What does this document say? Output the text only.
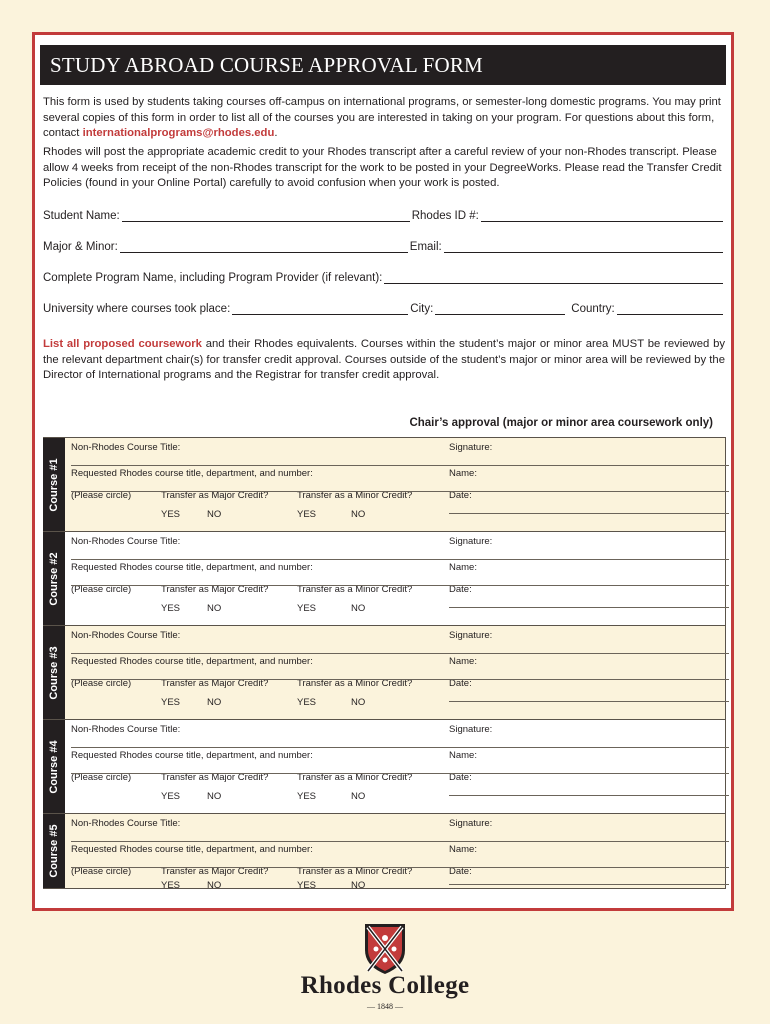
STUDY ABROAD COURSE APPROVAL FORM
This form is used by students taking courses off-campus on international programs, or semester-long domestic programs. You may print several copies of this form in order to list all of the courses you are interested in taking on your program. For questions about this form, contact internationalprograms@rhodes.edu.
Rhodes will post the appropriate academic credit to your Rhodes transcript after a careful review of your non-Rhodes transcript. Please allow 4 weeks from receipt of the non-Rhodes transcript for the work to be posted in your DegreeWorks. Please read the Transfer Credit Policies (found in your Online Portal) carefully to avoid confusion when your work is posted.
Student Name:	Rhodes ID #:
Major & Minor:	Email:
Complete Program Name, including Program Provider (if relevant):
University where courses took place:	City:	Country:
List all proposed coursework and their Rhodes equivalents. Courses within the student’s major or minor area MUST be reviewed by the relevant department chair(s) for transfer credit approval. Courses outside of the student’s major or minor area will be reviewed by the Director of International programs and the Registrar for transfer credit approval.
Chair’s approval (major or minor area coursework only)
Course #1
Non-Rhodes Course Title:
Requested Rhodes course title, department, and number:
(Please circle)	Transfer as Major Credit?	Transfer as a Minor Credit?
YES	NO	YES	NO
Signature:
Name:
Date:
Course #2
Non-Rhodes Course Title:
Requested Rhodes course title, department, and number:
(Please circle)	Transfer as Major Credit?	Transfer as a Minor Credit?
YES	NO	YES	NO
Signature:
Name:
Date:
Course #3
Non-Rhodes Course Title:
Requested Rhodes course title, department, and number:
(Please circle)	Transfer as Major Credit?	Transfer as a Minor Credit?
YES	NO	YES	NO
Signature:
Name:
Date:
Course #4
Non-Rhodes Course Title:
Requested Rhodes course title, department, and number:
(Please circle)	Transfer as Major Credit?	Transfer as a Minor Credit?
YES	NO	YES	NO
Signature:
Name:
Date:
Course #5
Non-Rhodes Course Title:
Requested Rhodes course title, department, and number:
(Please circle)	Transfer as Major Credit?	Transfer as a Minor Credit?
YES	NO	YES	NO
Signature:
Name:
Date:
Rhodes College
— 1848 —
